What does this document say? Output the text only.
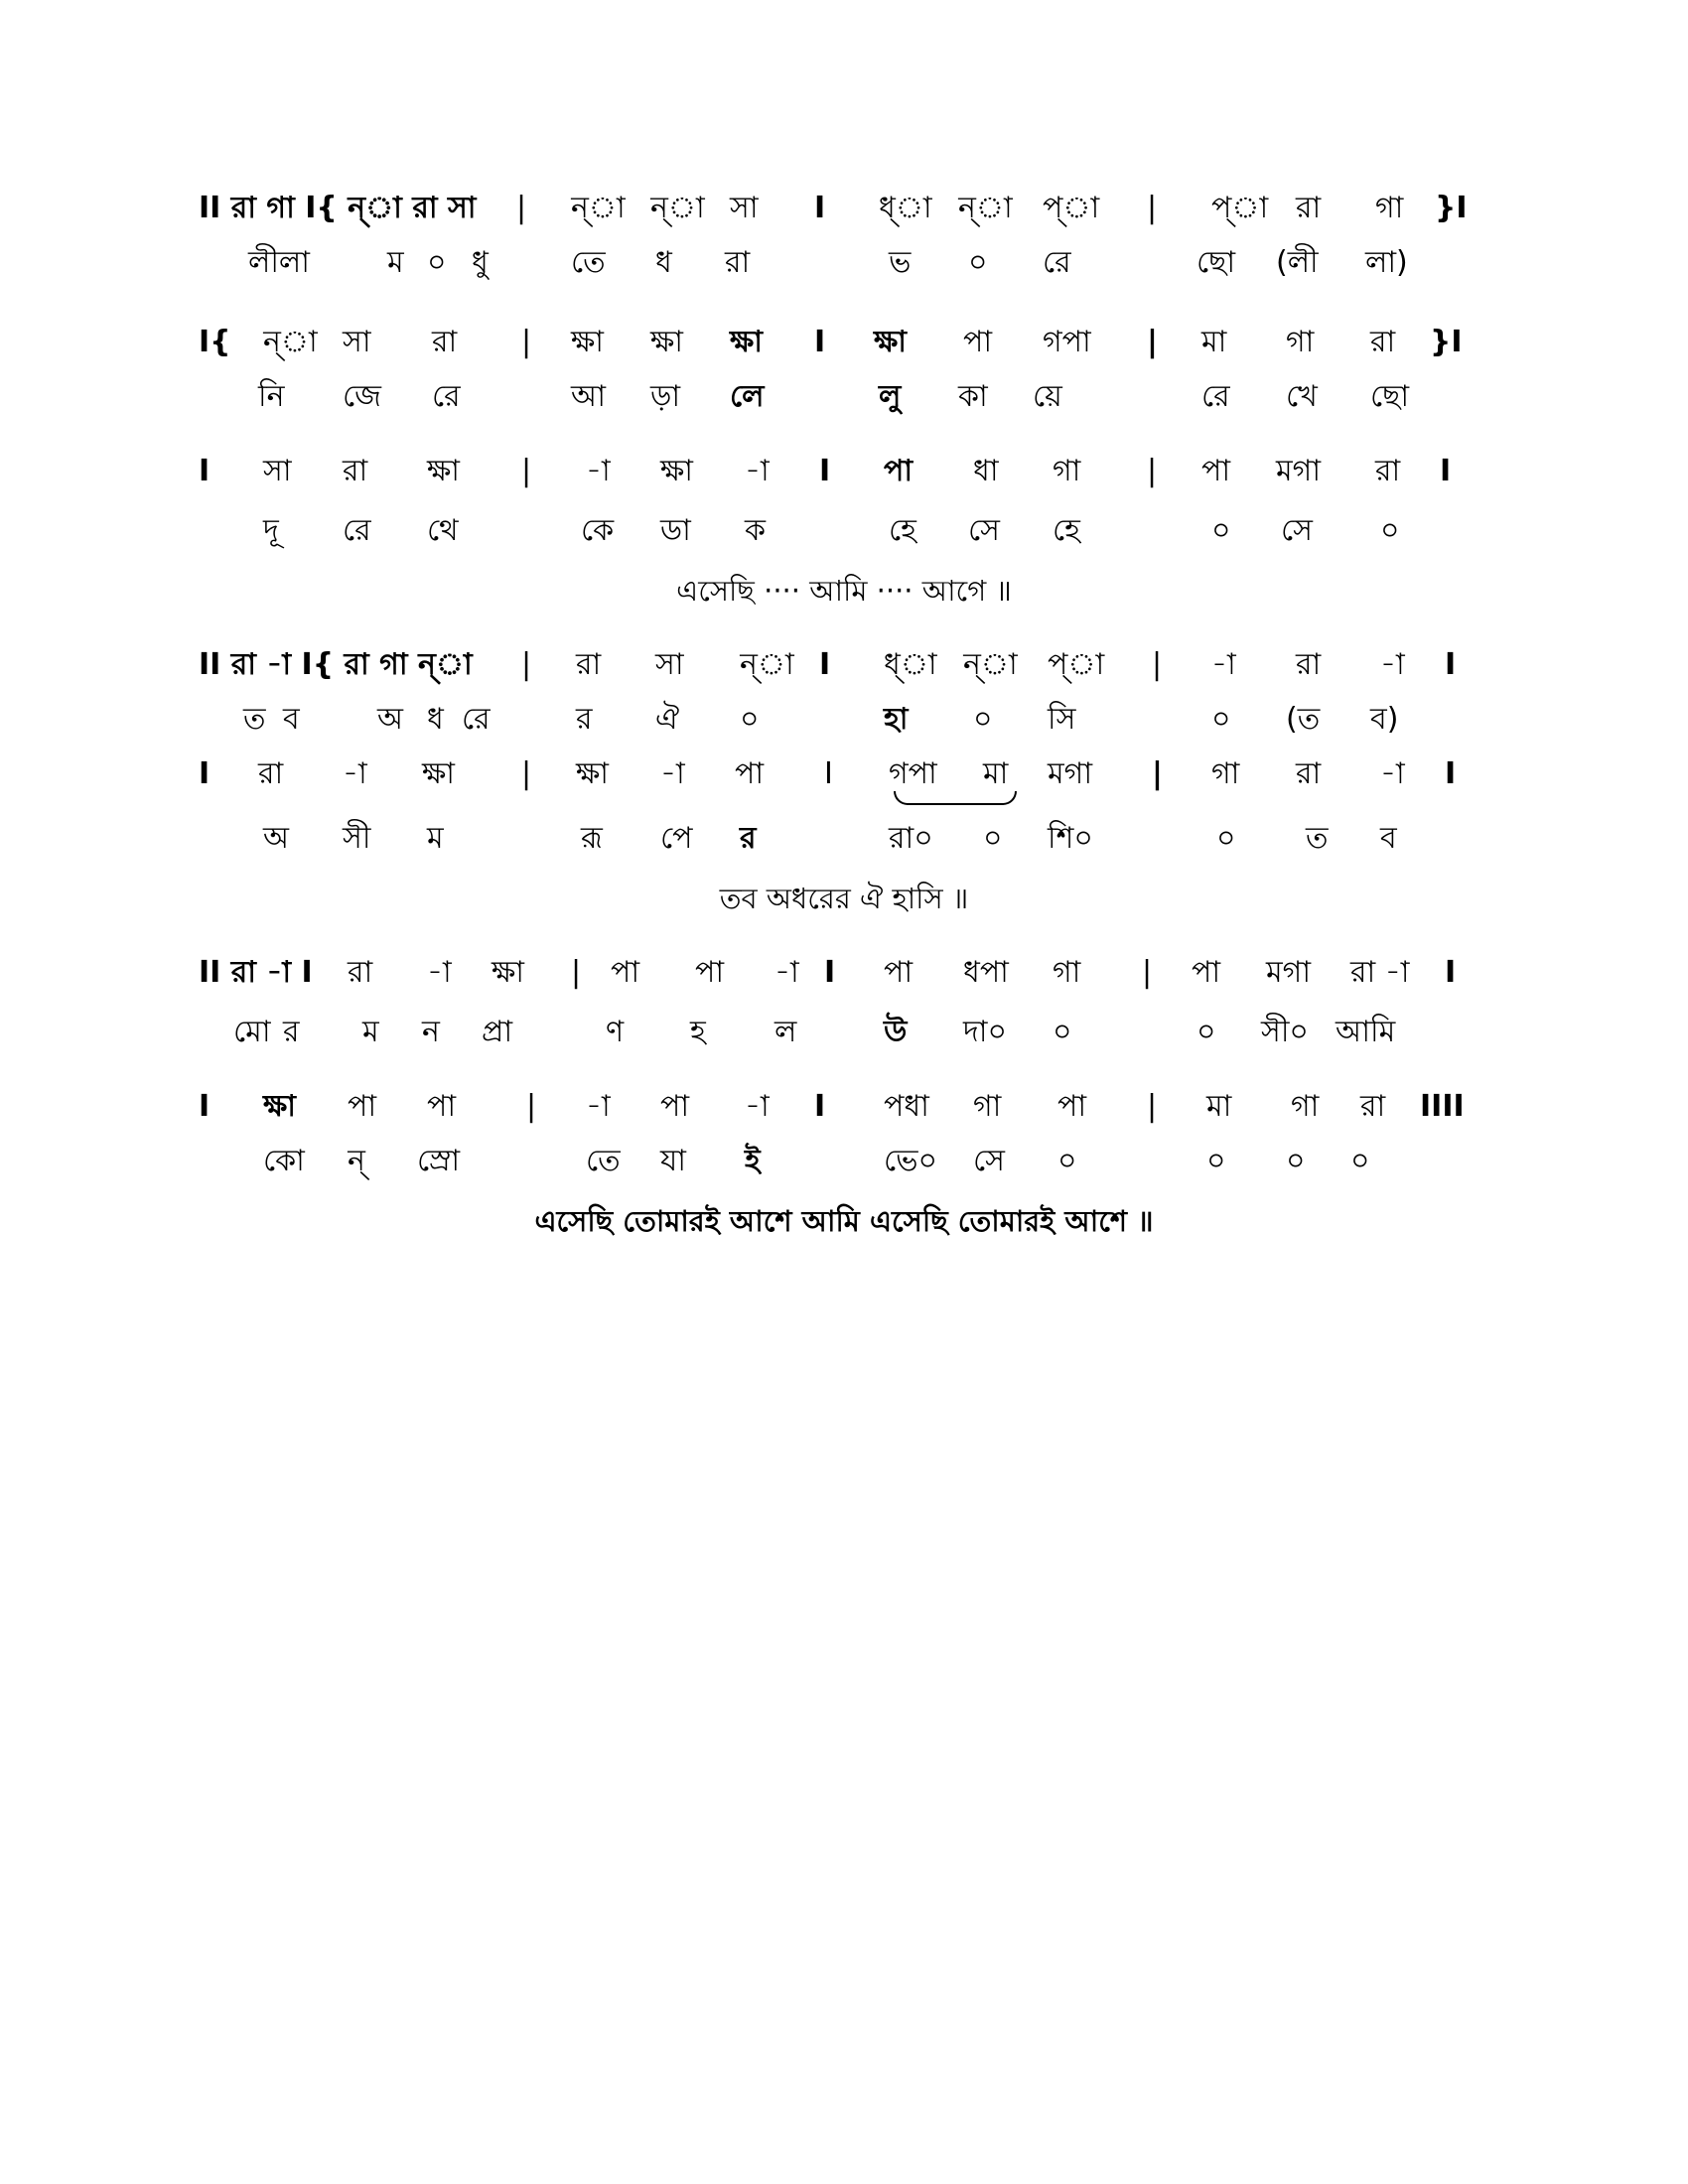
II রা গা I{ ন্‌া রা সা | ন্‌া ন্‌া সা I ধ্‌া ন্‌া প্‌া | প্‌া রা গা }I
লীলা	ম ০ ধু	তে ধ রা	ভ ০ রে	ছো (লী লা)
I{ ন্‌া সা রা | ক্ষা ক্ষা ক্ষা I ক্ষা পা গপা | মা গা রা }I
নি জে রে	আ ড়া লে	লু কা য়ে	রে খে ছো
I সা রা ক্ষা | -া ক্ষা -া I পা ধা গা | পা মগা রা I
দূ রে থে	কে ডা ক	হে সে হে	০ সে ০
এসেছি ···· আমি ···· আগে ॥
II রা -া I{ রা গা ন্‌া | রা সা ন্‌া I ধ্‌া ন্‌া প্‌া | -া রা -া I
ত ব	অ ধ রে	র ঐ ০	হা ০ সি	০ (ত ব)
I রা -া ক্ষা | ক্ষা -া পা I গপা মা মগা | গা রা -া I
অ সী ম	রূ পে র	রা০ ০ শি০	০ ত ব
তব অধরের ঐ হাসি ॥
II রা -া I রা -া ক্ষা | পা পা -া I পা ধপা গা | পা মগা রা -া I
মো র ম ন প্রা	ণ হ ল	উ দা০ ০	০ সী০ আমি
I ক্ষা পা পা | -া পা -া I পধা গা পা | মা গা রা IIII
কো ন্ স্রো	তে যা ই	ভে০ সে ০	০ ০ ০
এসেছি তোমারই আশে আমি এসেছি তোমারই আশে ॥
